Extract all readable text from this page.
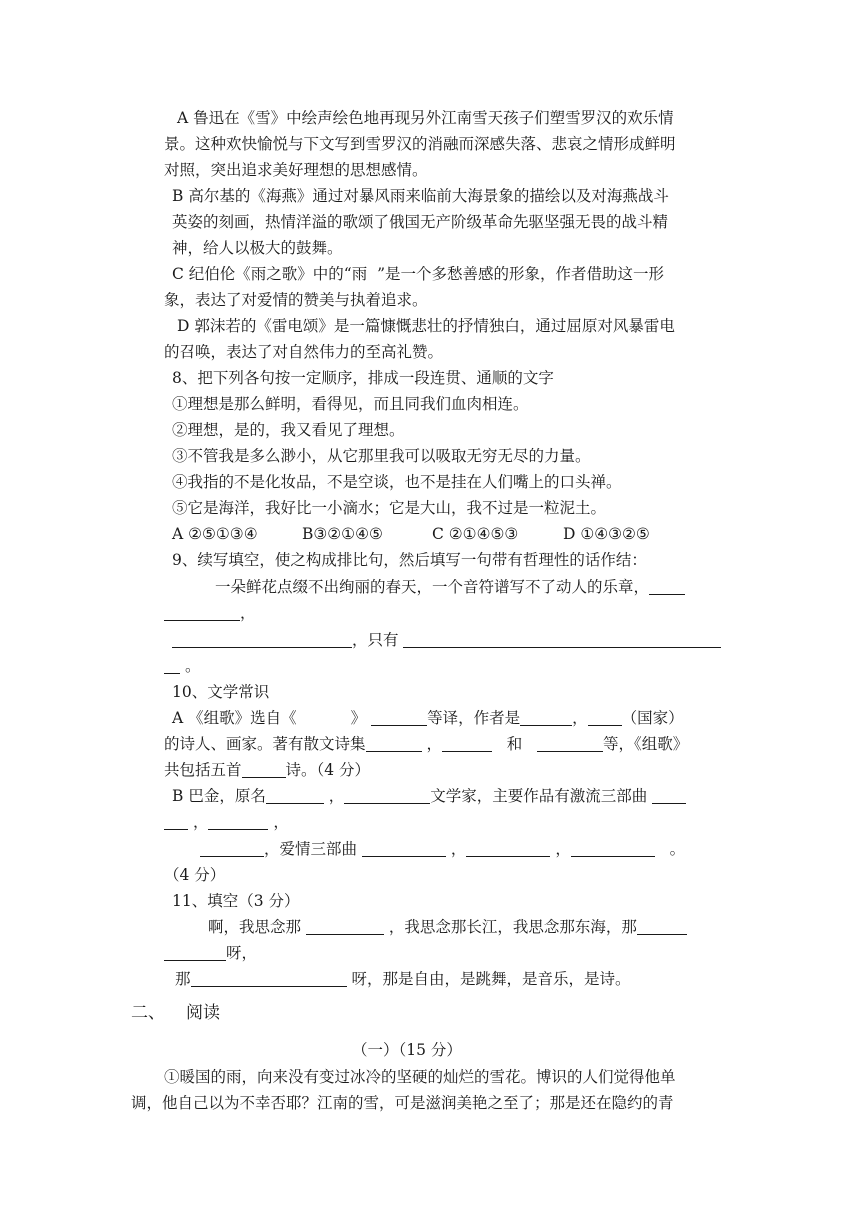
A 鲁迅在《雪》中绘声绘色地再现另外江南雪天孩子们塑雪罗汉的欢乐情
景。这种欢快愉悦与下文写到雪罗汉的消融而深感失落、悲哀之情形成鲜明
对照，突出追求美好理想的思想感情。
B 高尔基的《海燕》通过对暴风雨来临前大海景象的描绘以及对海燕战斗
英姿的刻画，热情洋溢的歌颂了俄国无产阶级革命先驱坚强无畏的战斗精
神，给人以极大的鼓舞。
C 纪伯伦《雨之歌》中的“雨  ”是一个多愁善感的形象，作者借助这一形
象，表达了对爱情的赞美与执着追求。
D 郭沫若的《雷电颂》是一篇慷慨悲壮的抒情独白，通过屈原对风暴雷电
的召唤，表达了对自然伟力的至高礼赞。
8、把下列各句按一定顺序，排成一段连贯、通顺的文字
①理想是那么鲜明，看得见，而且同我们血肉相连。
②理想，是的，我又看见了理想。
③不管我是多么渺小，从它那里我可以吸取无穷无尽的力量。
④我指的不是化妆品，不是空谈，也不是挂在人们嘴上的口头禅。
⑤它是海洋，我好比一小滴水；它是大山，我不过是一粒泥土。
A ②⑤①③④	B③②①④⑤	C ②①④⑤③	D ①④③②⑤
9、续写填空，使之构成排比句，然后填写一句带有哲理性的话作结：
一朵鲜花点缀不出绚丽的春天，一个音符谱写不了动人的乐章，
，
，只有
。
10、文学常识
A 《组歌》选自《	》	等译，作者是	， （国家）
的诗人、画家。著有散文诗集	，	和	等，《组歌》
共包括五首	诗。（4 分）
B 巴金，原名	，	文学家，主要作品有激流三部曲
，	，
，爱情三部曲	，	，	。
（4 分）
11、填空（3 分）
啊，我思念那	，我思念那长江，我思念那东海，那
呀，
那	呀，那是自由，是跳舞，是音乐，是诗。
二、 阅读
（一）（15 分）
①暖国的雨，向来没有变过冰冷的坚硬的灿烂的雪花。博识的人们觉得他单
调，他自己以为不幸否耶？江南的雪，可是滋润美艳之至了；那是还在隐约的青
